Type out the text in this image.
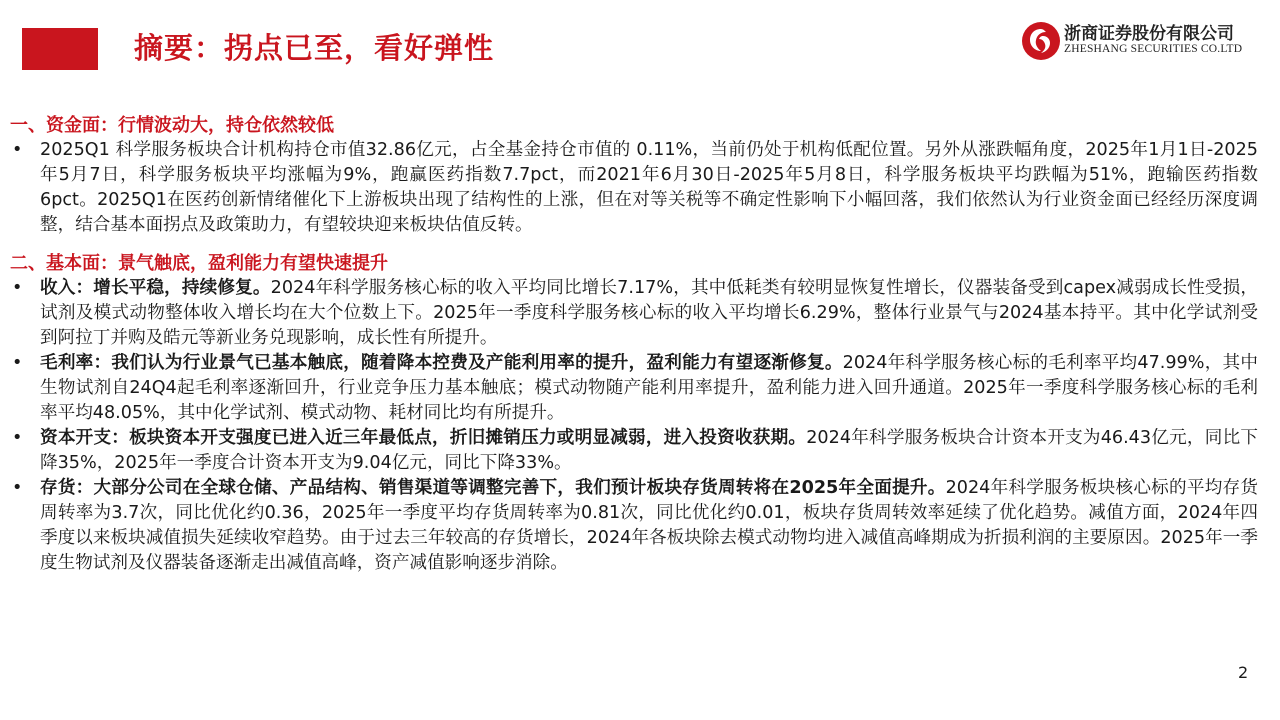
摘要：拐点已至，看好弹性	浙商证券股份有限公司
ZHESHANG SECURITIES CO.LTD

一、资金面：行情波动大，持仓依然较低

•	2025Q1 科学服务板块合计机构持仓市值32.86亿元，占全基金持仓市值的 0.11%，当前仍处于机构低配位置。另外从涨跌幅角度，2025年1月1日-2025年5月7日，科学服务板块平均涨幅为9%，跑赢医药指数7.7pct，而2021年6月30日-2025年5月8日，科学服务板块平均跌幅为51%，跑输医药指数 6pct。2025Q1在医药创新情绪催化下上游板块出现了结构性的上涨，但在对等关税等不确定性影响下小幅回落，我们依然认为行业资金面已经经历深度调整，结合基本面拐点及政策助力，有望较块迎来板块估值反转。

二、基本面：景气触底，盈利能力有望快速提升

•	收入：增长平稳，持续修复。2024年科学服务核心标的收入平均同比增长7.17%，其中低耗类有较明显恢复性增长，仪器装备受到capex减弱成长性受损，试剂及模式动物整体收入增长均在大个位数上下。2025年一季度科学服务核心标的收入平均增长6.29%，整体行业景气与2024基本持平。其中化学试剂受到阿拉丁并购及皓元等新业务兑现影响，成长性有所提升。
•	毛利率：我们认为行业景气已基本触底，随着降本控费及产能利用率的提升，盈利能力有望逐渐修复。2024年科学服务核心标的毛利率平均47.99%，其中生物试剂自24Q4起毛利率逐渐回升，行业竞争压力基本触底；模式动物随产能利用率提升，盈利能力进入回升通道。2025年一季度科学服务核心标的毛利率平均48.05%，其中化学试剂、模式动物、耗材同比均有所提升。
•	资本开支：板块资本开支强度已进入近三年最低点，折旧摊销压力或明显减弱，进入投资收获期。2024年科学服务板块合计资本开支为46.43亿元，同比下降35%，2025年一季度合计资本开支为9.04亿元，同比下降33%。
•	存货：大部分公司在全球仓储、产品结构、销售渠道等调整完善下，我们预计板块存货周转将在2025年全面提升。2024年科学服务板块核心标的平均存货周转率为3.7次，同比优化约0.36，2025年一季度平均存货周转率为0.81次，同比优化约0.01，板块存货周转效率延续了优化趋势。减值方面，2024年四季度以来板块减值损失延续收窄趋势。由于过去三年较高的存货增长，2024年各板块除去模式动物均进入减值高峰期成为折损利润的主要原因。2025年一季度生物试剂及仪器装备逐渐走出减值高峰，资产减值影响逐步消除。
2
